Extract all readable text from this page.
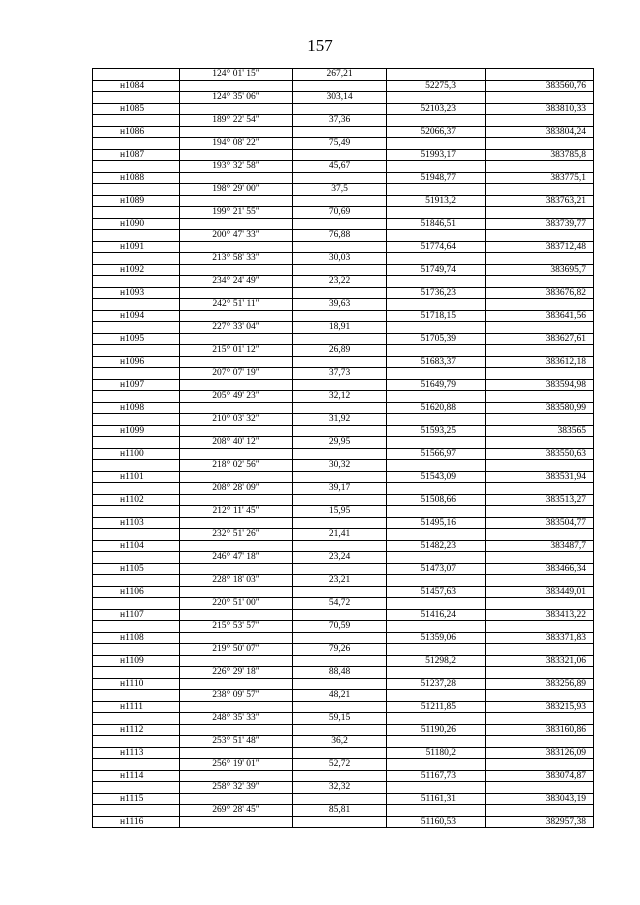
157
	124° 01' 15"	267,21		
н1084			52275,3	383560,76
	124° 35' 06"	303,14		
н1085			52103,23	383810,33
	189° 22' 54"	37,36		
н1086			52066,37	383804,24
	194° 08' 22"	75,49		
н1087			51993,17	383785,8
	193° 32' 58"	45,67		
н1088			51948,77	383775,1
	198° 29' 00"	37,5		
н1089			51913,2	383763,21
	199° 21' 55"	70,69		
н1090			51846,51	383739,77
	200° 47' 33"	76,88		
н1091			51774,64	383712,48
	213° 58' 33"	30,03		
н1092			51749,74	383695,7
	234° 24' 49"	23,22		
н1093			51736,23	383676,82
	242° 51' 11"	39,63		
н1094			51718,15	383641,56
	227° 33' 04"	18,91		
н1095			51705,39	383627,61
	215° 01' 12"	26,89		
н1096			51683,37	383612,18
	207° 07' 19"	37,73		
н1097			51649,79	383594,98
	205° 49' 23"	32,12		
н1098			51620,88	383580,99
	210° 03' 32"	31,92		
н1099			51593,25	383565
	208° 40' 12"	29,95		
н1100			51566,97	383550,63
	218° 02' 56"	30,32		
н1101			51543,09	383531,94
	208° 28' 09"	39,17		
н1102			51508,66	383513,27
	212° 11' 45"	15,95		
н1103			51495,16	383504,77
	232° 51' 26"	21,41		
н1104			51482,23	383487,7
	246° 47' 18"	23,24		
н1105			51473,07	383466,34
	228° 18' 03"	23,21		
н1106			51457,63	383449,01
	220° 51' 00"	54,72		
н1107			51416,24	383413,22
	215° 53' 57"	70,59		
н1108			51359,06	383371,83
	219° 50' 07"	79,26		
н1109			51298,2	383321,06
	226° 29' 18"	88,48		
н1110			51237,28	383256,89
	238° 09' 57"	48,21		
н1111			51211,85	383215,93
	248° 35' 33"	59,15		
н1112			51190,26	383160,86
	253° 51' 48"	36,2		
н1113			51180,2	383126,09
	256° 19' 01"	52,72		
н1114			51167,73	383074,87
	258° 32' 39"	32,32		
н1115			51161,31	383043,19
	269° 28' 45"	85,81		
н1116			51160,53	382957,38
